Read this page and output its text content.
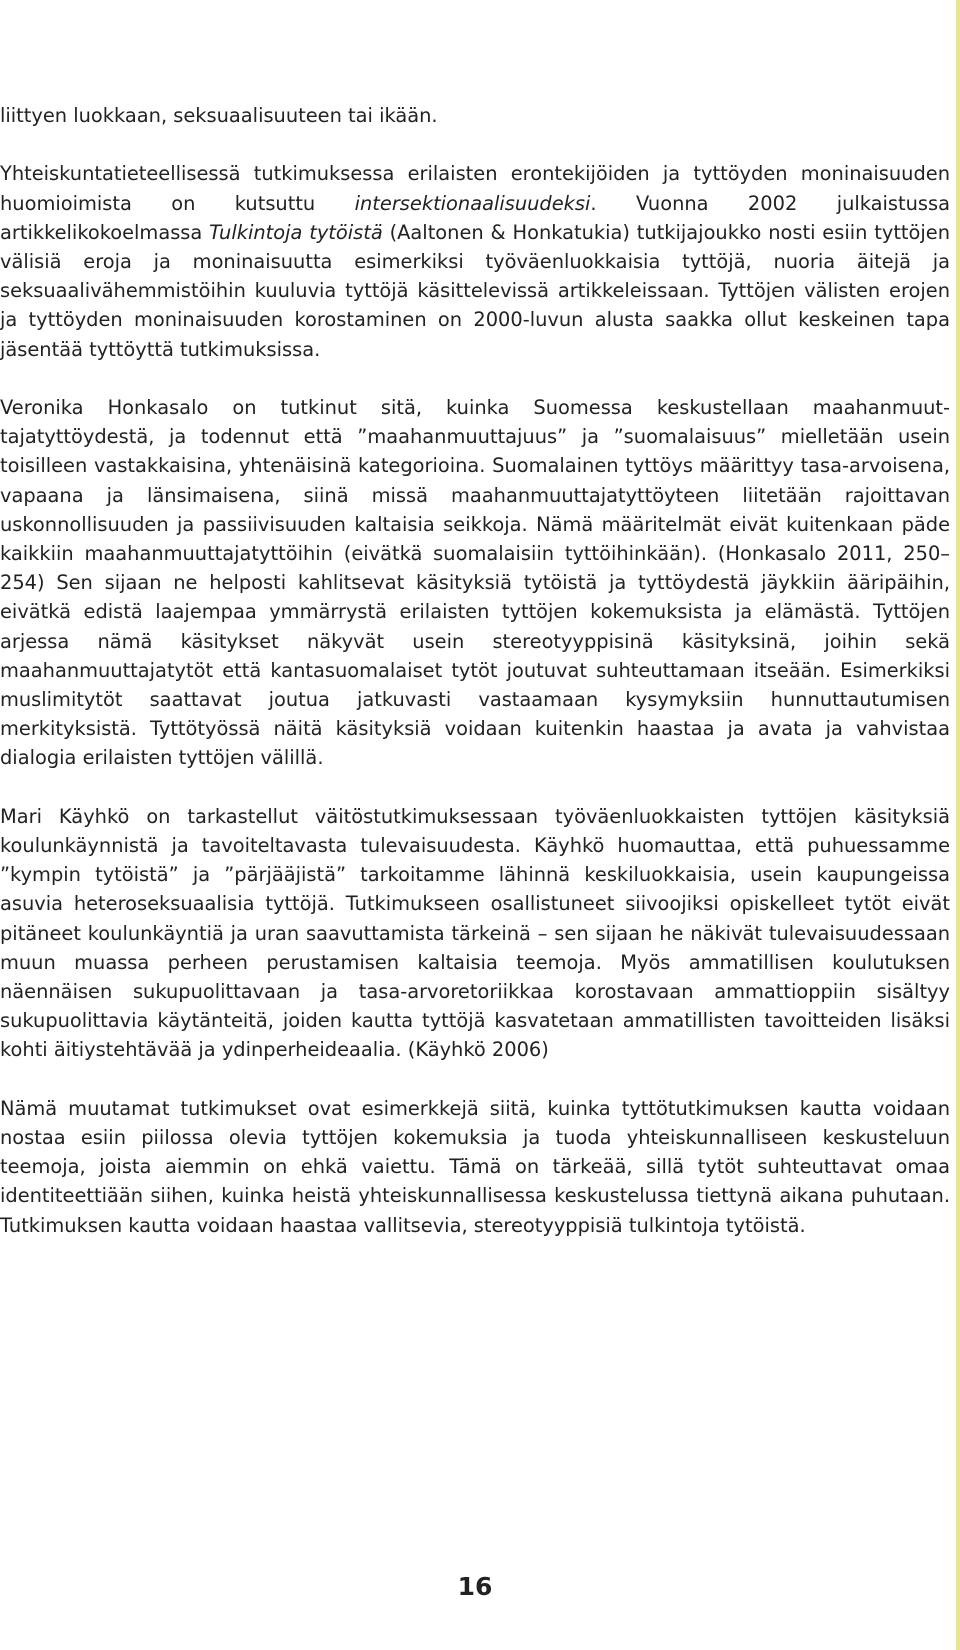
liittyen luokkaan, seksuaalisuuteen tai ikään.

Yhteiskuntatieteellisessä tutkimuksessa erilaisten erontekijöiden ja tyttöyden moninaisuuden huomioimista on kutsuttu intersektionaalisuudeksi. Vuonna 2002 julkaistussa artikkelikokoelmassa Tulkintoja tytöistä (Aaltonen & Honkatukia) tutkijajoukko nosti esiin tyttöjen välisiä eroja ja moninaisuutta esimerkiksi työväenluokkaisia tyttöjä, nuoria äitejä ja seksuaalivähemmistöihin kuuluvia tyttöjä käsittelevissä artikkeleissaan. Tyttöjen välisten erojen ja tyttöyden moninaisuuden korostaminen on 2000-luvun alusta saakka ollut keskeinen tapa jäsentää tyttöyttä tutkimuksissa.

Veronika Honkasalo on tutkinut sitä, kuinka Suomessa keskustellaan maahanmuuttajatyttöydestä, ja todennut että ”maahanmuuttajuus” ja ”suomalaisuus” mielletään usein toisilleen vastakkaisina, yhtenäisinä kategorioina. Suomalainen tyttöys määrittyy tasa-arvoisena, vapaana ja länsimaisena, siinä missä maahanmuuttajatyttöyteen liitetään rajoittavan uskonnollisuuden ja passiivisuuden kaltaisia seikkoja. Nämä määritelmät eivät kuitenkaan päde kaikkiin maahanmuuttajatyttöihin (eivätkä suomalaisiin tyttöihinkään). (Honkasalo 2011, 250–254) Sen sijaan ne helposti kahlitsevat käsityksiä tytöistä ja tyttöydestä jäykkiin ääripäihin, eivätkä edistä laajempaa ymmärrystä erilaisten tyttöjen kokemuksista ja elämästä. Tyttöjen arjessa nämä käsitykset näkyvät usein stereotyyppisinä käsityksinä, joihin sekä maahanmuuttajatytöt että kantasuomalaiset tytöt joutuvat suhteuttamaan itseään. Esimerkiksi muslimitytöt saattavat joutua jatkuvasti vastaamaan kysymyksiin hunnuttautumisen merkityksistä. Tyttötyössä näitä käsityksiä voidaan kuitenkin haastaa ja avata ja vahvistaa dialogia erilaisten tyttöjen välillä.

Mari Käyhkö on tarkastellut väitöstutkimuksessaan työväenluokkaisten tyttöjen käsityksiä koulunkäynnistä ja tavoiteltavasta tulevaisuudesta. Käyhkö huomauttaa, että puhuessamme ”kympin tytöistä” ja ”pärjääjistä” tarkoitamme lähinnä keskiluokkaisia, usein kaupungeissa asuvia heteroseksuaalisia tyttöjä. Tutkimukseen osallistuneet siivoojiksi opiskelleet tytöt eivät pitäneet koulunkäyntiä ja uran saavuttamista tärkeinä – sen sijaan he näkivät tulevaisuudessaan muun muassa perheen perustamisen kaltaisia teemoja. Myös ammatillisen koulutuksen näennäisen sukupuolittavaan ja tasa-arvoretoriikkaa korostavaan ammattioppiin sisältyy sukupuolittavia käytänteitä, joiden kautta tyttöjä kasvatetaan ammatillisten tavoitteiden lisäksi kohti äitiystehtävää ja ydinperheideaalia. (Käyhkö 2006)

Nämä muutamat tutkimukset ovat esimerkkejä siitä, kuinka tyttötutkimuksen kautta voidaan nostaa esiin piilossa olevia tyttöjen kokemuksia ja tuoda yhteiskunnalliseen keskusteluun teemoja, joista aiemmin on ehkä vaiettu. Tämä on tärkeää, sillä tytöt suhteuttavat omaa identiteettiään siihen, kuinka heistä yhteiskunnallisessa keskustelussa tiettynä aikana puhutaan. Tutkimuksen kautta voidaan haastaa vallitsevia, stereotyyppisiä tulkintoja tytöistä.

16
